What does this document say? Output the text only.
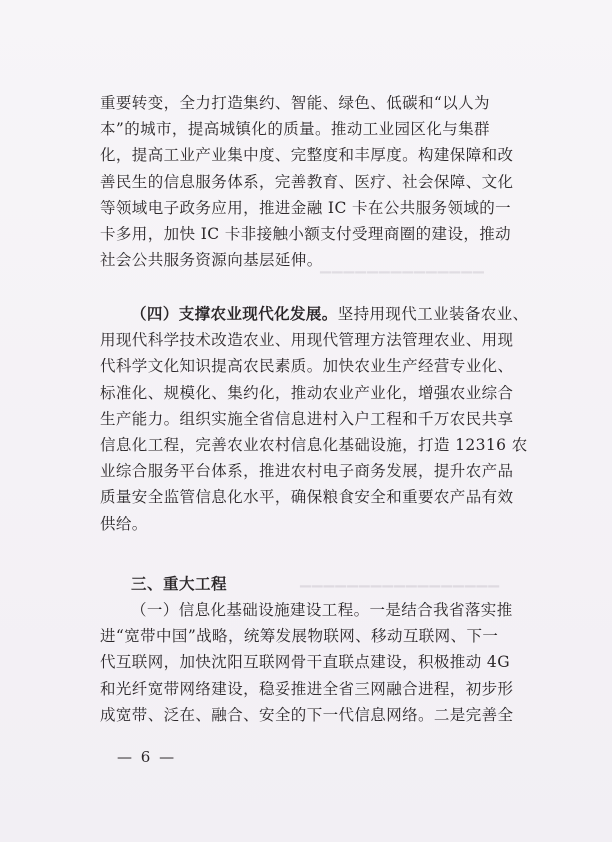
▁▁▁▁▁▁▁▁▁▁▁▁▁▁
▁▁▁▁▁▁▁▁▁▁▁▁▁▁▁▁▁
重要转变，全力打造集约、智能、绿色、低碳和“以人为
本”的城市，提高城镇化的质量。推动工业园区化与集群
化，提高工业产业集中度、完整度和丰厚度。构建保障和改
善民生的信息服务体系，完善教育、医疗、社会保障、文化
等领域电子政务应用，推进金融 IC 卡在公共服务领域的一
卡多用，加快 IC 卡非接触小额支付受理商圈的建设，推动
社会公共服务资源向基层延伸。
（四）支撑农业现代化发展。坚持用现代工业装备农业、
用现代科学技术改造农业、用现代管理方法管理农业、用现
代科学文化知识提高农民素质。加快农业生产经营专业化、
标准化、规模化、集约化，推动农业产业化，增强农业综合
生产能力。组织实施全省信息进村入户工程和千万农民共享
信息化工程，完善农业农村信息化基础设施，打造 12316 农
业综合服务平台体系，推进农村电子商务发展，提升农产品
质量安全监管信息化水平，确保粮食安全和重要农产品有效
供给。
三、重大工程
（一）信息化基础设施建设工程。一是结合我省落实推
进“宽带中国”战略，统筹发展物联网、移动互联网、下一
代互联网，加快沈阳互联网骨干直联点建设，积极推动 4G
和光纤宽带网络建设，稳妥推进全省三网融合进程，初步形
成宽带、泛在、融合、安全的下一代信息网络。二是完善全
— 6 —
